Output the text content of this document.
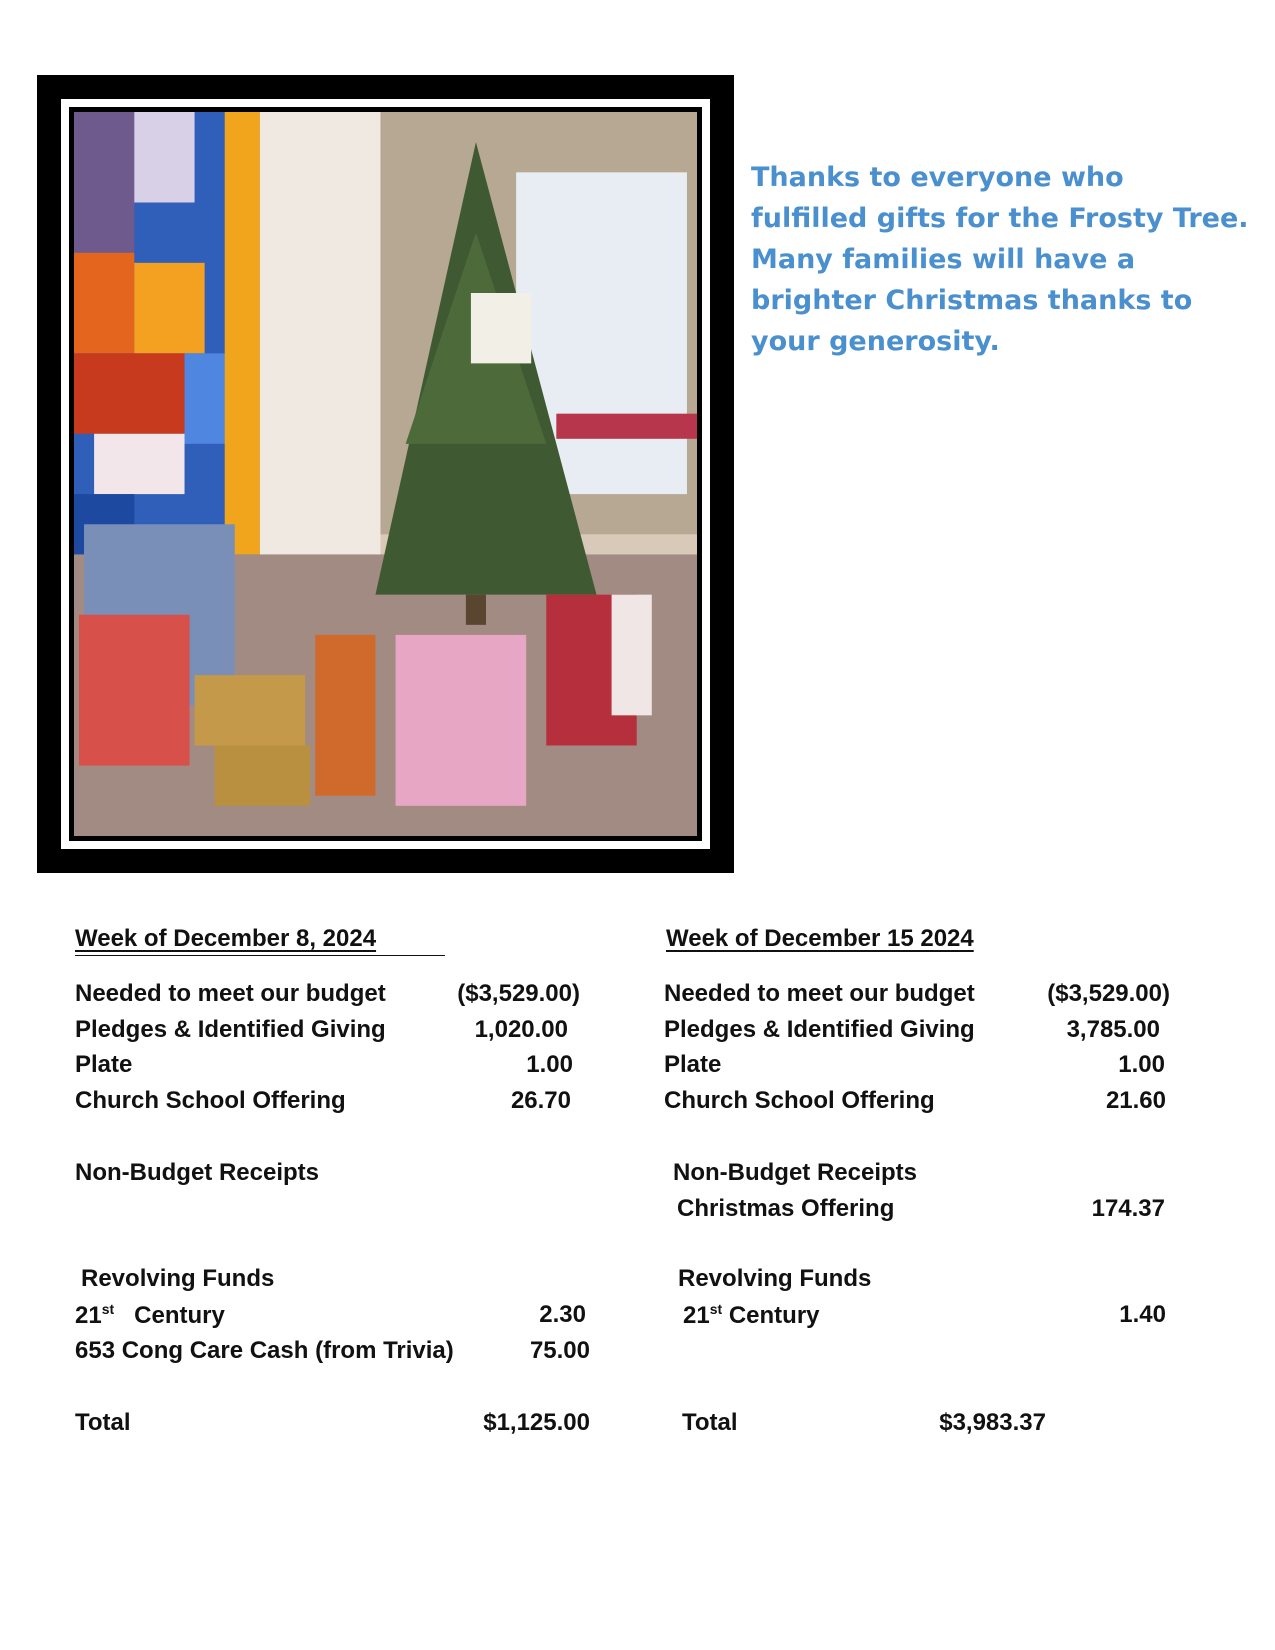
Thanks to everyone who
fulfilled gifts for the Frosty Tree.
Many families will have a
brighter Christmas thanks to
your generosity.
Week of December 8, 2024
Needed to meet our budget	($3,529.00)
Pledges & Identified Giving	1,020.00
Plate	1.00
Church School Offering	26.70
Non-Budget Receipts
Revolving Funds
21st Century	2.30
653 Cong Care Cash (from Trivia)	75.00
Total	$1,125.00
Week of December 15 2024
Needed to meet our budget	($3,529.00)
Pledges & Identified Giving	3,785.00
Plate	1.00
Church School Offering	21.60
Non-Budget Receipts
Christmas Offering	174.37
Revolving Funds
21st Century	1.40
Total	$3,983.37
